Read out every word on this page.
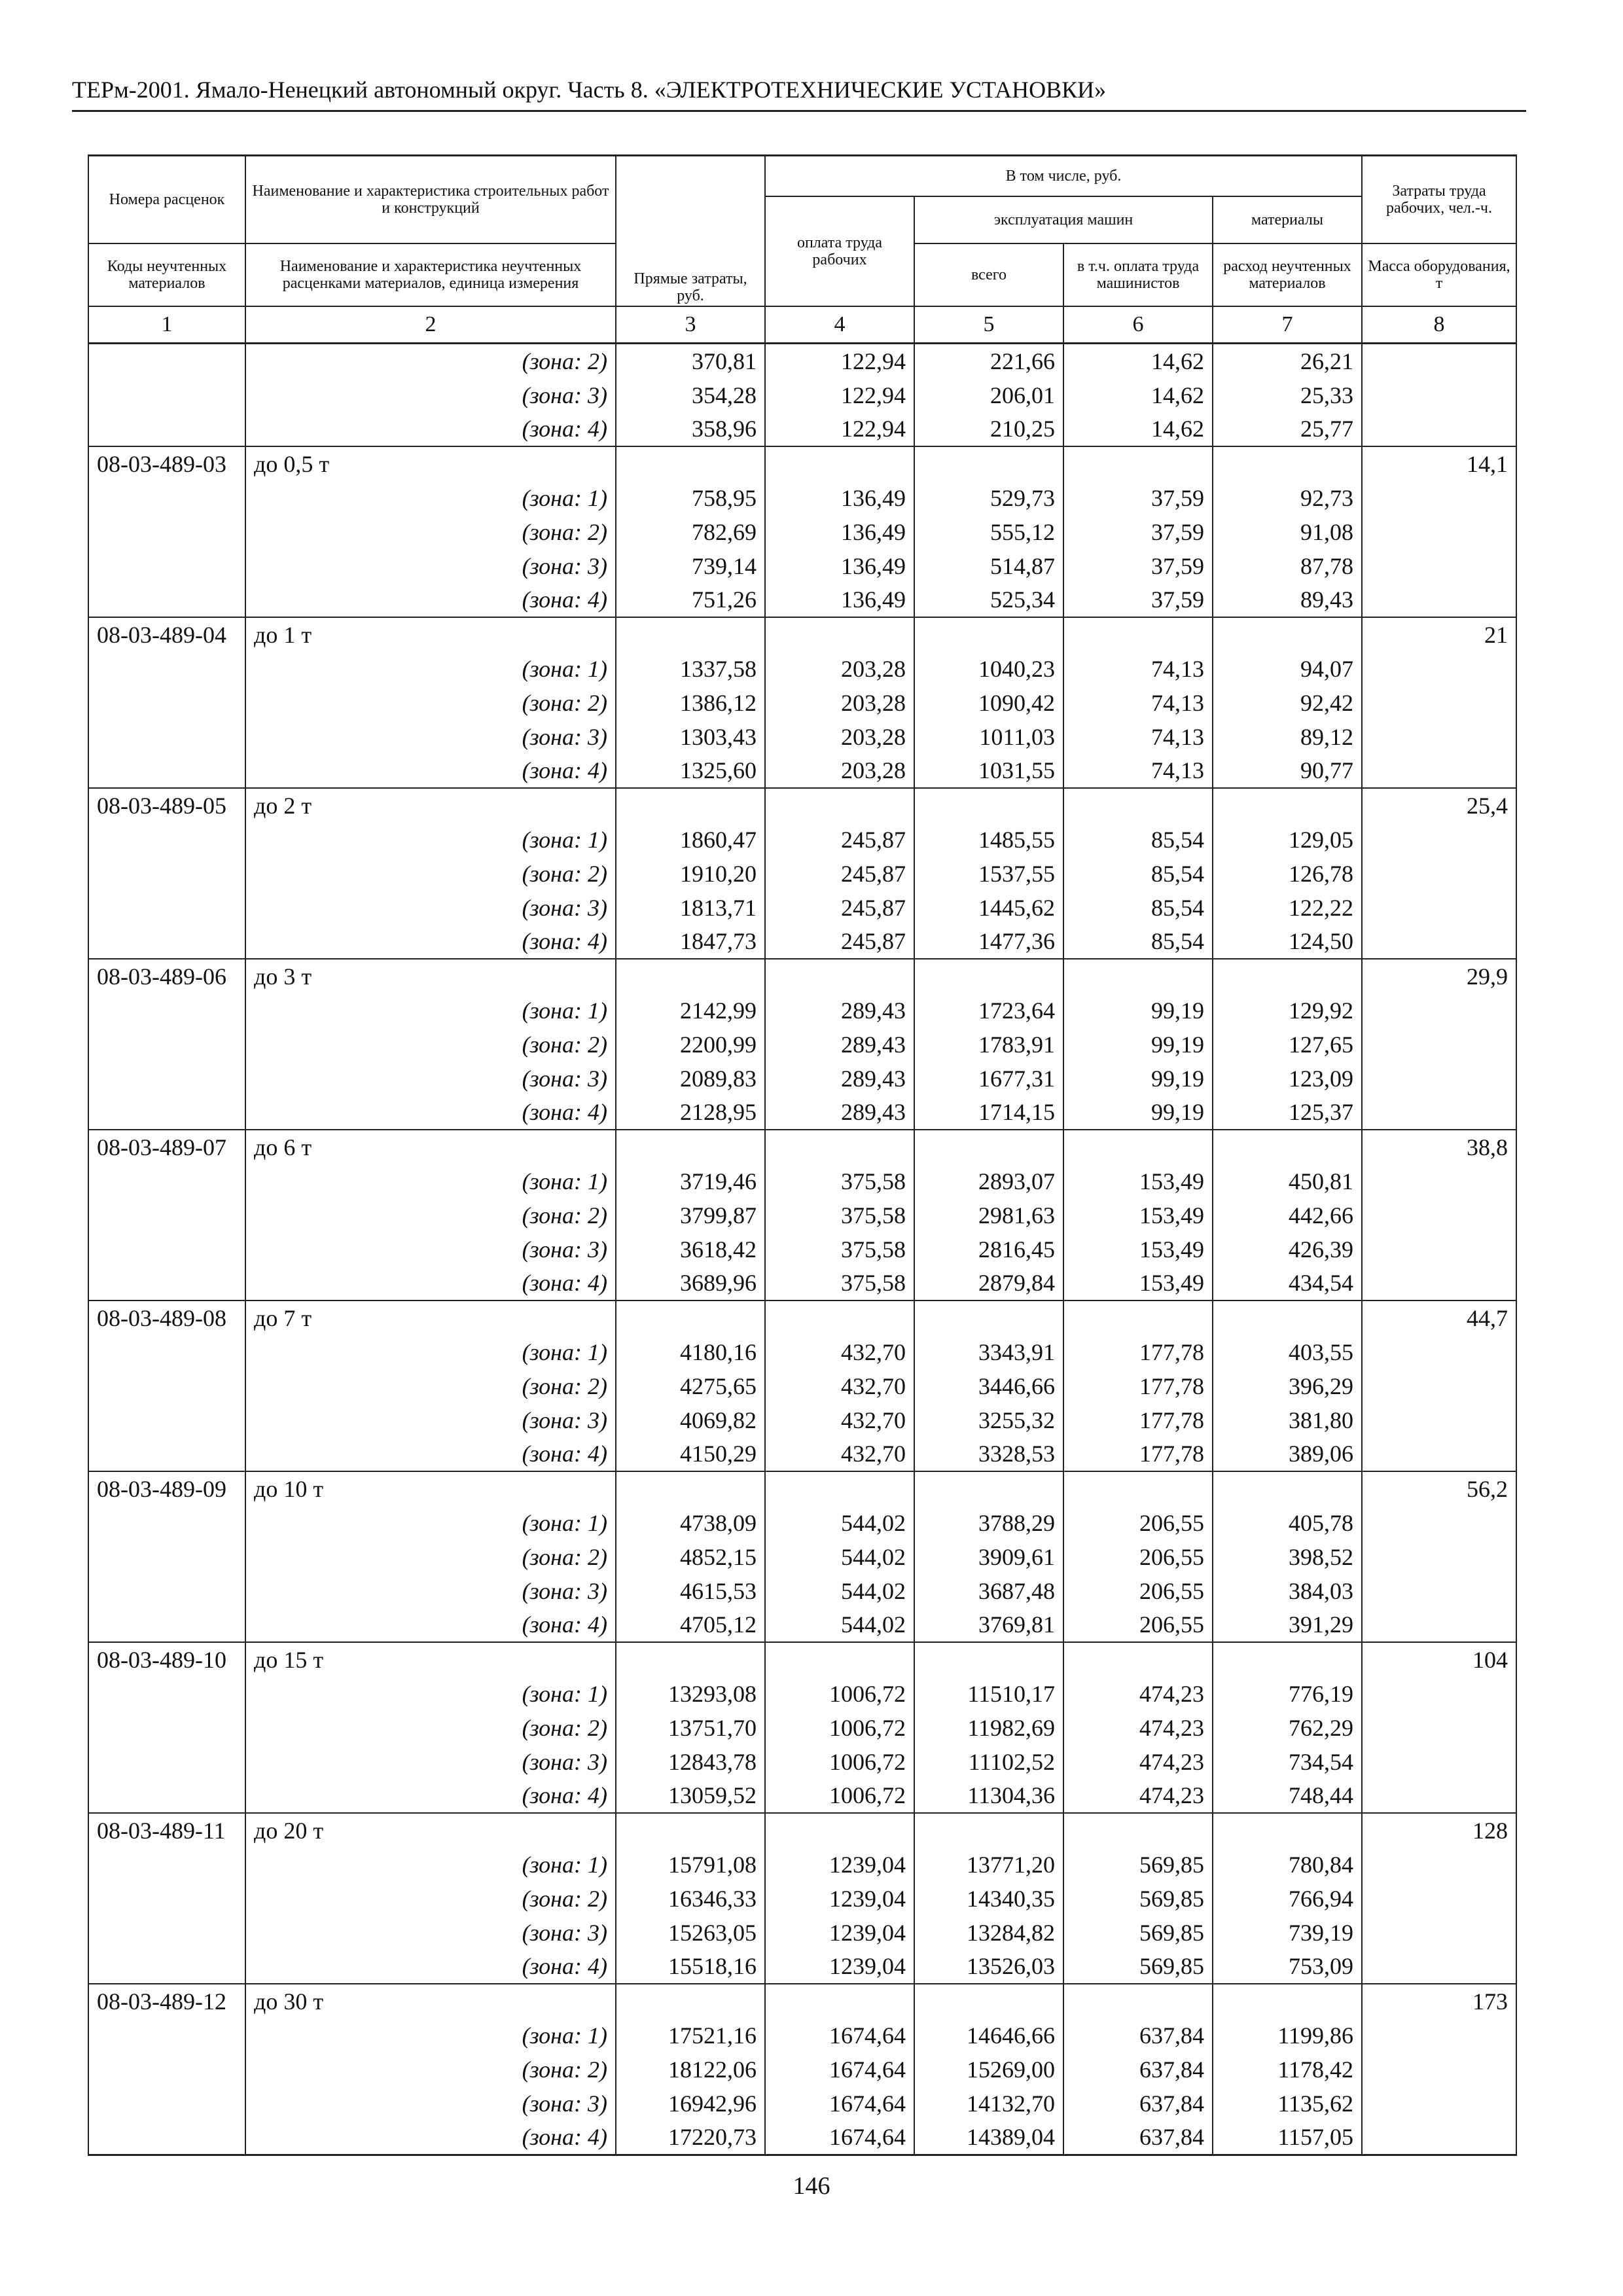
ТЕРм-2001. Ямало-Ненецкий автономный округ. Часть 8. «ЭЛЕКТРОТЕХНИЧЕСКИЕ УСТАНОВКИ»
Номера расценок	Наименование и характеристика строительных работ и конструкций	Прямые затраты, руб.	В том числе, руб.				Затраты труда рабочих, чел.-ч.
			оплата труда рабочих	эксплуатация машин		материалы	
Коды неучтенных материалов	Наименование и характеристика неучтенных расценками материалов, единица измерения			всего	в т.ч. оплата труда машинистов	расход неучтенных материалов	Масса оборудования, т
1	2	3	4	5	6	7	8
	(зона: 2)	370,81	122,94	221,66	14,62	26,21	
	(зона: 3)	354,28	122,94	206,01	14,62	25,33	
	(зона: 4)	358,96	122,94	210,25	14,62	25,77	
08-03-489-03	до 0,5 т						14,1
	(зона: 1)	758,95	136,49	529,73	37,59	92,73	
	(зона: 2)	782,69	136,49	555,12	37,59	91,08	
	(зона: 3)	739,14	136,49	514,87	37,59	87,78	
	(зона: 4)	751,26	136,49	525,34	37,59	89,43	
08-03-489-04	до 1 т						21
	(зона: 1)	1337,58	203,28	1040,23	74,13	94,07	
	(зона: 2)	1386,12	203,28	1090,42	74,13	92,42	
	(зона: 3)	1303,43	203,28	1011,03	74,13	89,12	
	(зона: 4)	1325,60	203,28	1031,55	74,13	90,77	
08-03-489-05	до 2 т						25,4
	(зона: 1)	1860,47	245,87	1485,55	85,54	129,05	
	(зона: 2)	1910,20	245,87	1537,55	85,54	126,78	
	(зона: 3)	1813,71	245,87	1445,62	85,54	122,22	
	(зона: 4)	1847,73	245,87	1477,36	85,54	124,50	
08-03-489-06	до 3 т						29,9
	(зона: 1)	2142,99	289,43	1723,64	99,19	129,92	
	(зона: 2)	2200,99	289,43	1783,91	99,19	127,65	
	(зона: 3)	2089,83	289,43	1677,31	99,19	123,09	
	(зона: 4)	2128,95	289,43	1714,15	99,19	125,37	
08-03-489-07	до 6 т						38,8
	(зона: 1)	3719,46	375,58	2893,07	153,49	450,81	
	(зона: 2)	3799,87	375,58	2981,63	153,49	442,66	
	(зона: 3)	3618,42	375,58	2816,45	153,49	426,39	
	(зона: 4)	3689,96	375,58	2879,84	153,49	434,54	
08-03-489-08	до 7 т						44,7
	(зона: 1)	4180,16	432,70	3343,91	177,78	403,55	
	(зона: 2)	4275,65	432,70	3446,66	177,78	396,29	
	(зона: 3)	4069,82	432,70	3255,32	177,78	381,80	
	(зона: 4)	4150,29	432,70	3328,53	177,78	389,06	
08-03-489-09	до 10 т						56,2
	(зона: 1)	4738,09	544,02	3788,29	206,55	405,78	
	(зона: 2)	4852,15	544,02	3909,61	206,55	398,52	
	(зона: 3)	4615,53	544,02	3687,48	206,55	384,03	
	(зона: 4)	4705,12	544,02	3769,81	206,55	391,29	
08-03-489-10	до 15 т						104
	(зона: 1)	13293,08	1006,72	11510,17	474,23	776,19	
	(зона: 2)	13751,70	1006,72	11982,69	474,23	762,29	
	(зона: 3)	12843,78	1006,72	11102,52	474,23	734,54	
	(зона: 4)	13059,52	1006,72	11304,36	474,23	748,44	
08-03-489-11	до 20 т						128
	(зона: 1)	15791,08	1239,04	13771,20	569,85	780,84	
	(зона: 2)	16346,33	1239,04	14340,35	569,85	766,94	
	(зона: 3)	15263,05	1239,04	13284,82	569,85	739,19	
	(зона: 4)	15518,16	1239,04	13526,03	569,85	753,09	
08-03-489-12	до 30 т						173
	(зона: 1)	17521,16	1674,64	14646,66	637,84	1199,86	
	(зона: 2)	18122,06	1674,64	15269,00	637,84	1178,42	
	(зона: 3)	16942,96	1674,64	14132,70	637,84	1135,62	
	(зона: 4)	17220,73	1674,64	14389,04	637,84	1157,05	
146
